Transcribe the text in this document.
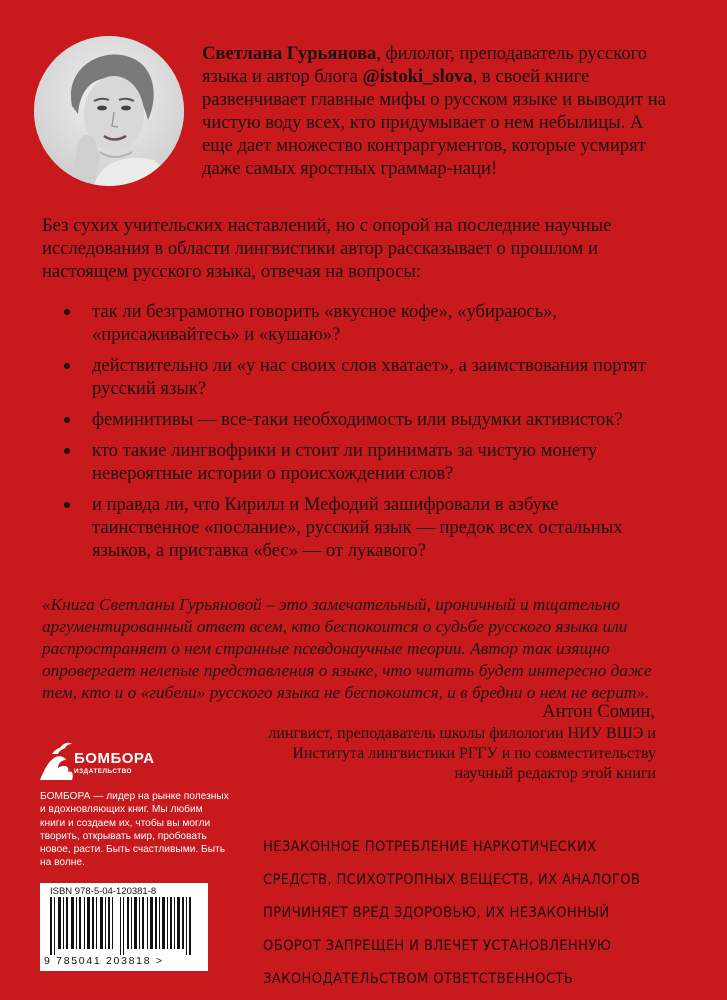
Светлана Гурьянова, филолог, преподаватель русского языка и автор блога @istoki_slova, в своей книге развенчивает главные мифы о русском языке и выводит на чистую воду всех, кто придумывает о нем небылицы. А еще дает множество контраргументов, которые усмирят даже самых яростных граммар-наци!

Без сухих учительских наставлений, но с опорой на последние научные исследования в области лингвистики автор рассказывает о прошлом и настоящем русского языка, отвечая на вопросы:

так ли безграмотно говорить «вкусное кофе», «убираюсь», «присаживайтесь» и «кушаю»?
действительно ли «у нас своих слов хватает», а заимствования портят русский язык?
феминитивы — все-таки необходимость или выдумки активисток?
кто такие лингвофрики и стоит ли принимать за чистую монету невероятные истории о происхождении слов?
и правда ли, что Кирилл и Мефодий зашифровали в азбуке таинственное «послание», русский язык — предок всех остальных языков, а приставка «бес» — от лукавого?

«Книга Светланы Гурьяновой – это замечательный, ироничный и тщательно аргументированный ответ всем, кто беспокоится о судьбе русского языка или распространяет о нем странные псевдонаучные теории. Автор так изящно опровергает нелепые представления о языке, что читать будет интересно даже тем, кто и о «гибели» русского языка не беспокоится, и в бредни о нем не верит».

Антон Сомин,

лингвист, преподаватель школы филологии НИУ ВШЭ и Института лингвистики РГГУ и по совместительству научный редактор этой книги

БОМБОРА
ИЗДАТЕЛЬСТВО

БОМБОРА — лидер на рынке полезных и вдохновляющих книг. Мы любим книги и создаем их, чтобы вы могли творить, открывать мир, пробовать новое, расти. Быть счастливыми. Быть на волне.

ISBN 978-5-04-120381-8
9 785041 203818 >

НЕЗАКОННОЕ ПОТРЕБЛЕНИЕ НАРКОТИЧЕСКИХ СРЕДСТВ, ПСИХОТРОПНЫХ ВЕЩЕСТВ, ИХ АНАЛОГОВ ПРИЧИНЯЕТ ВРЕД ЗДОРОВЬЮ, ИХ НЕЗАКОННЫЙ ОБОРОТ ЗАПРЕЩЕН И ВЛЕЧЕТ УСТАНОВЛЕННУЮ ЗАКОНОДАТЕЛЬСТВОМ ОТВЕТСТВЕННОСТЬ
